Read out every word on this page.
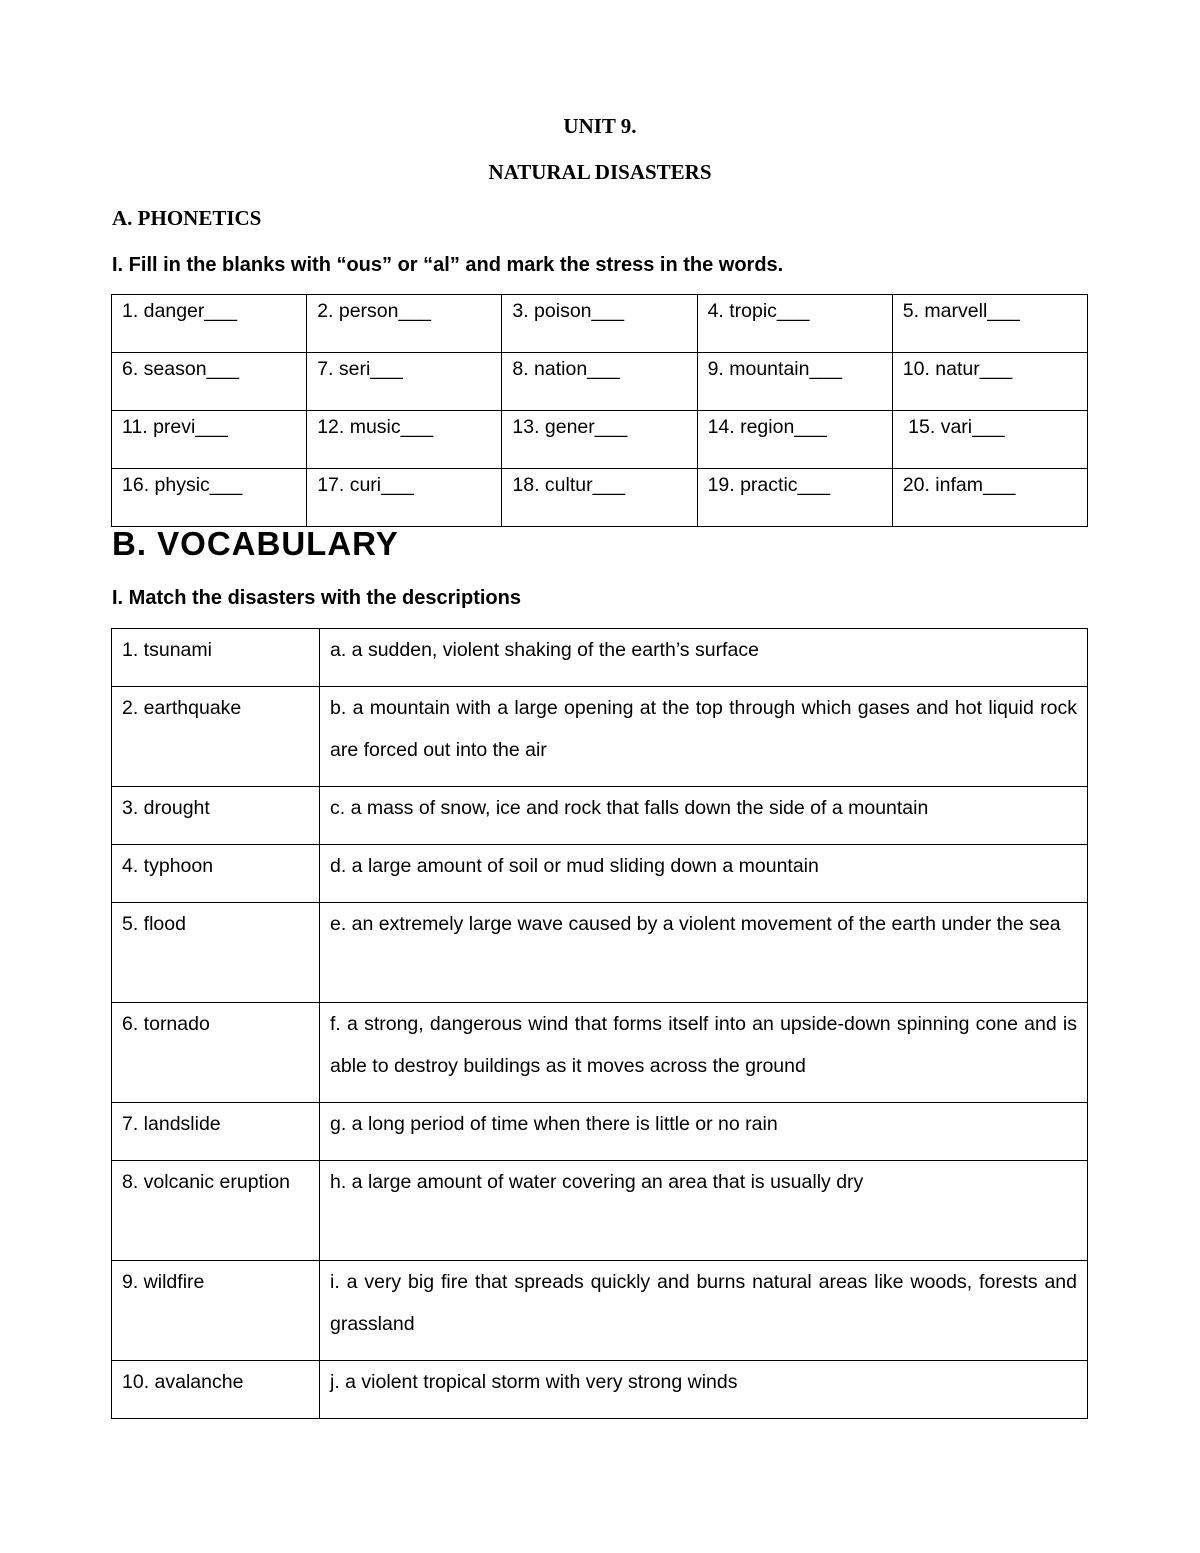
UNIT 9.
NATURAL DISASTERS
A. PHONETICS
I. Fill in the blanks with “ous” or “al” and mark the stress in the words.
1. danger___	2. person___	3. poison___	4. tropic___	5. marvell___
6. season___	7. seri___	8. nation___	9. mountain___	10. natur___
11. previ___	12. music___	13. gener___	14. region___	15. vari___
16. physic___	17. curi___	18. cultur___	19. practic___	20. infam___
B. VOCABULARY
I. Match the disasters with the descriptions
1. tsunami	a. a sudden, violent shaking of the earth’s surface
2. earthquake	b. a mountain with a large opening at the top through which gases and hot liquid rock are forced out into the air
3. drought	c. a mass of snow, ice and rock that falls down the side of a mountain
4. typhoon	d. a large amount of soil or mud sliding down a mountain
5. flood	e. an extremely large wave caused by a violent movement of the earth under the sea
6. tornado	f. a strong, dangerous wind that forms itself into an upside-down spinning cone and is able to destroy buildings as it moves across the ground
7. landslide	g. a long period of time when there is little or no rain
8. volcanic eruption	h. a large amount of water covering an area that is usually dry
9. wildfire	i. a very big fire that spreads quickly and burns natural areas like woods, forests and grassland
10. avalanche	j. a violent tropical storm with very strong winds
